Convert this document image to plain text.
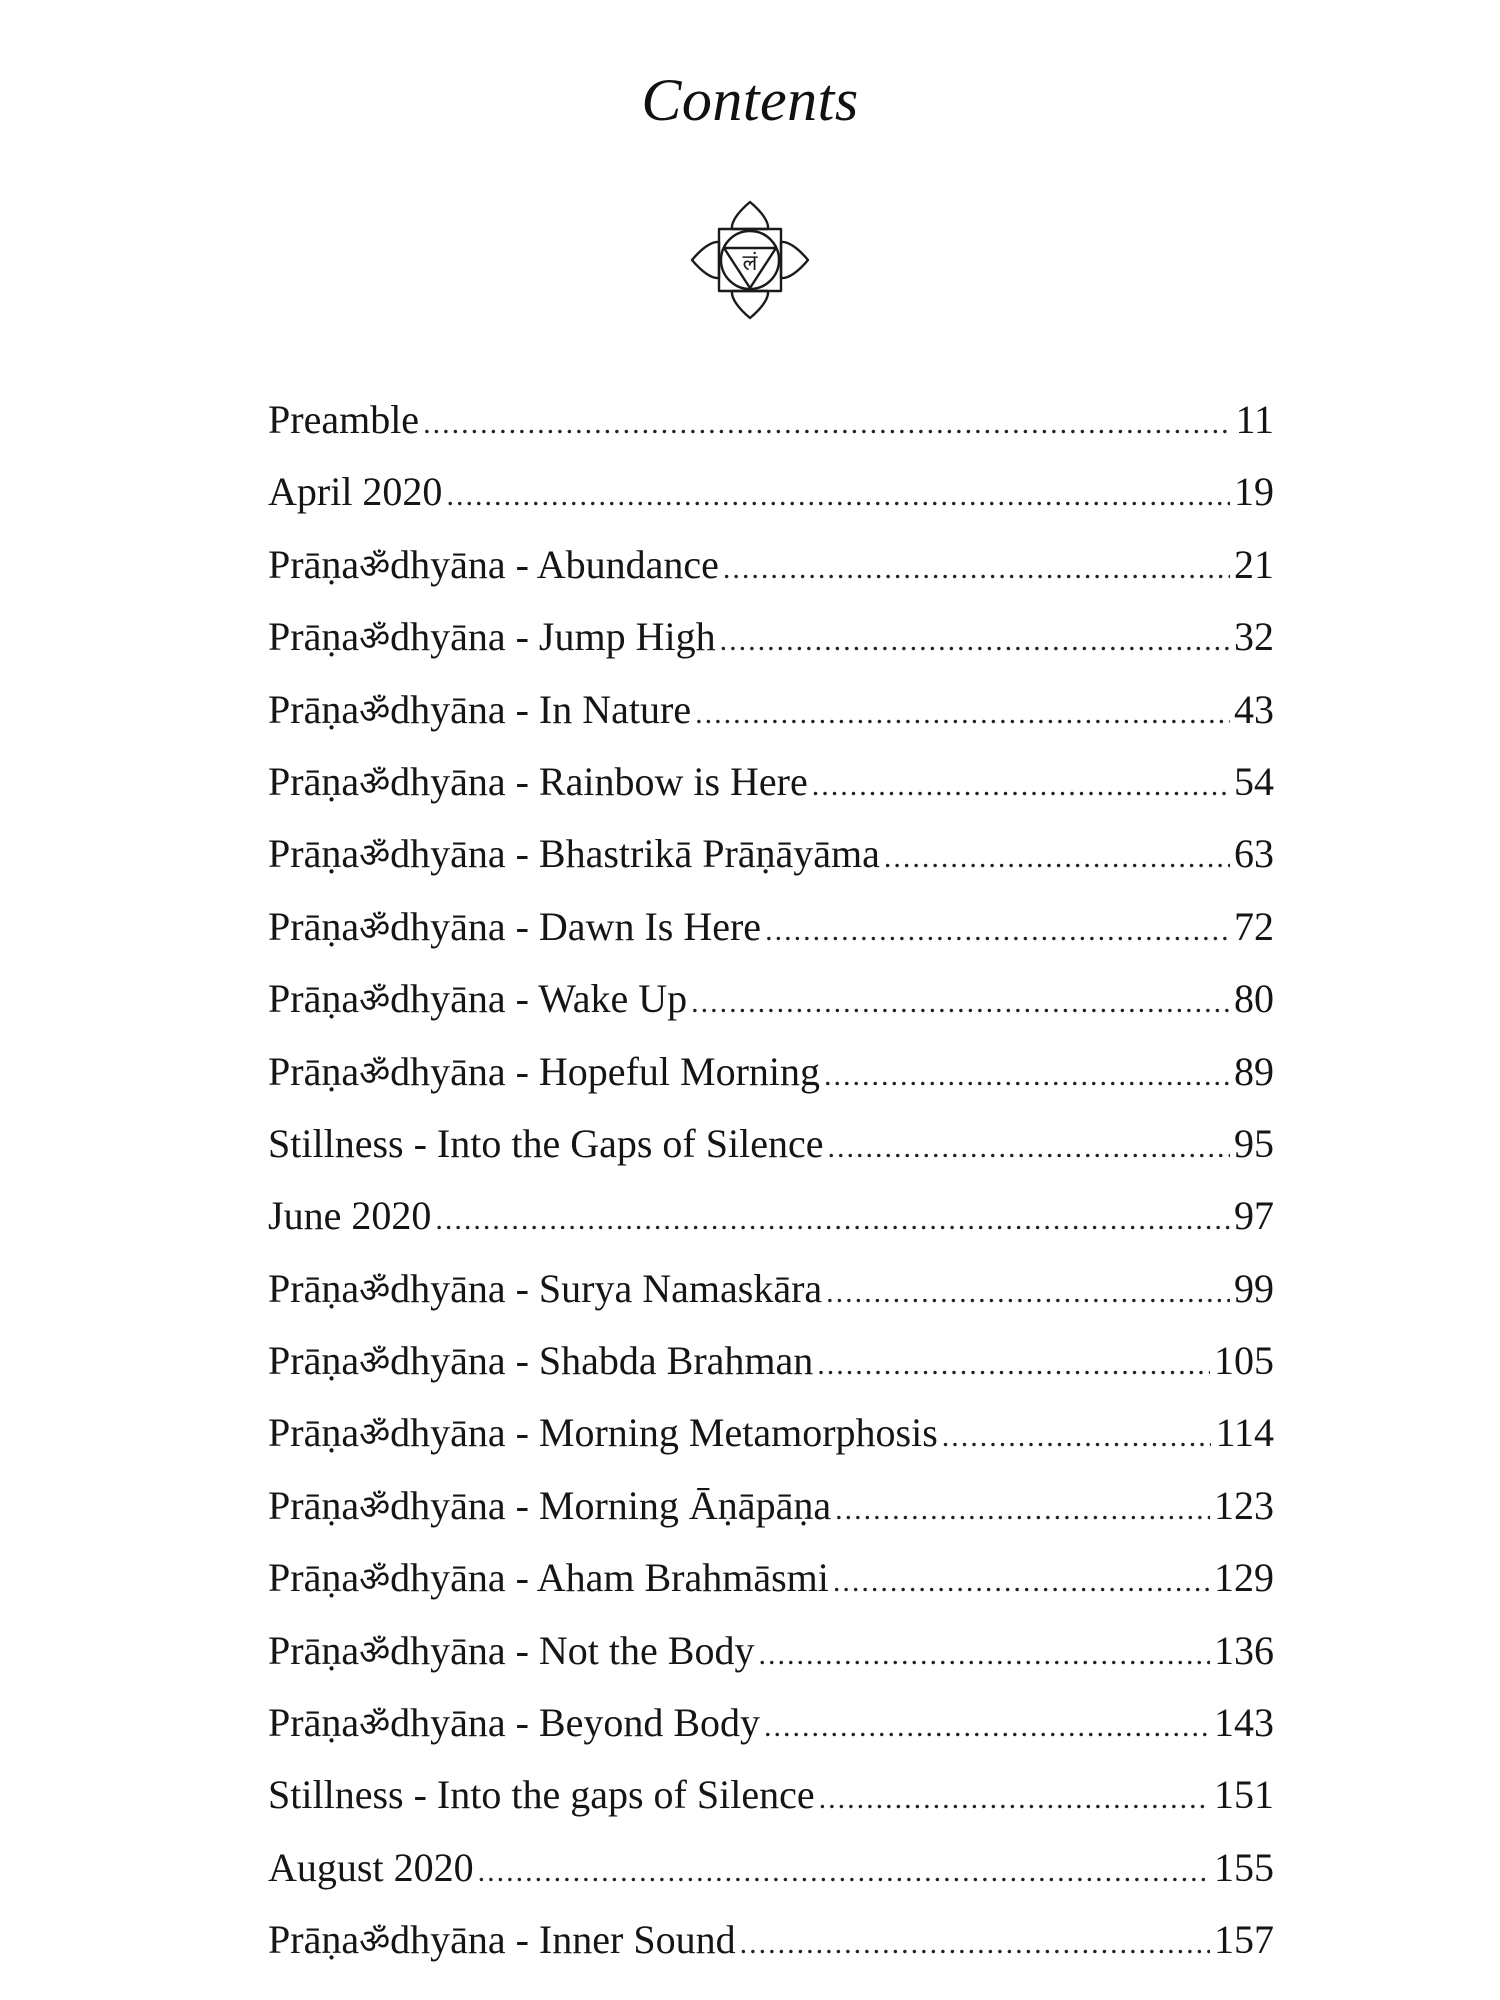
Contents
लं
Preamble .....	11
April 2020 .....	19
Prāṇaॐdhyāna - Abundance .....	21
Prāṇaॐdhyāna - Jump High .....	32
Prāṇaॐdhyāna - In Nature .....	43
Prāṇaॐdhyāna - Rainbow is Here .....	54
Prāṇaॐdhyāna - Bhastrikā Prāṇāyāma .....	63
Prāṇaॐdhyāna - Dawn Is Here .....	72
Prāṇaॐdhyāna - Wake Up .....	80
Prāṇaॐdhyāna - Hopeful Morning .....	89
Stillness - Into the Gaps of Silence .....	95
June 2020 .....	97
Prāṇaॐdhyāna - Surya Namaskāra .....	99
Prāṇaॐdhyāna - Shabda Brahman .....	105
Prāṇaॐdhyāna - Morning Metamorphosis .....	114
Prāṇaॐdhyāna - Morning Āṇāpāṇa .....	123
Prāṇaॐdhyāna - Aham Brahmāsmi .....	129
Prāṇaॐdhyāna - Not the Body .....	136
Prāṇaॐdhyāna - Beyond Body .....	143
Stillness - Into the gaps of Silence .....	151
August 2020 .....	155
Prāṇaॐdhyāna - Inner Sound .....	157
